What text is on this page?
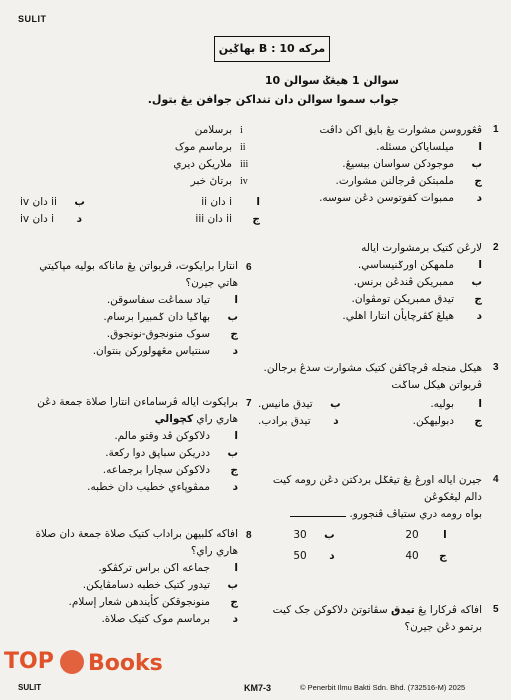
SULIT
بهاݢين B : 10 مركه
سوالن 1 هيڠݢ سوالن 10
جواب سموا سوالن دان تنداکن جوافن يڠ بتول.
1
ڤڠوروسن مشوارت يڠ بايق اکن داڤت
اميلساياکن مسئله.
بموجودکن سواسان بيسيڠ.
جملمبتکن ڤرجالنن مشوارت.
دممبوات کفوتوسن دڠن سوسه.
2
لارڠن کتيک برمشوارت اياله
املمهکن اورݢنيساسي.
بممبريکن ڤندڠن برنس.
جتيدق ممبريکن تومڤوان.
دهيلڠ کڤرچايأن انتارا اهلي.
3
هيکل منجله ڤرچاکڤن کتيک مشوارت سدڠ برجالن. ڤربواتن هيکل ساݢت
ابوليه.
بتيدق مانيس.
جدبوليهکن.
دتيدق برادب.
4
جيرن اياله اورڠ يڠ تيڠݢل بردکتن دڠن رومه کيت دالم ليڠکوڠن
بواه رومه دري ستياڤ ڤنجورو.
ا20
ب30
ج40
د50
5
افاکه ڤرکارا يڠ تيدق سڤاتوتڽ دلاکوکن جک کيت برتمو دڠن جيرن؟
iبرسلامن
iiبرماسم موک
iiiملاريکن ديري
ivبرتاڽ خبر
اi دان ii
بii دان iv
جii دان iii
دi دان iv
6
انتارا برايکوت، ڤربواتن يڠ ماناکه بوليه مڽاکيتي هاتي جيرن؟
اتياد سماڠت سفاسوقن.
ببهاݢيا دان ݢمبيرا برسام.
جسوک منونجوق-نونجوق.
دسنتياس مڠهولورکن بنتوان.
7
برايکوت اياله ڤرساماءن انتارا صلاة جمعة دڠن هاري راي کچوالي
ادلاکوکن ڤد وقتو مالم.
بددريکن سباڽق دوا رکعة.
جدلاکوکن سچارا برجماعه.
دممڤوڽاءي خطيب دان خطبه.
8
افاکه کلبيهن براداب کتيک صلاة جمعة دان صلاة هاري راي؟
اجماعه اکن براس ترکڤکو.
بتيدور کتيک خطبه دسامڤايکن.
جمنونجوقکن کأيندهن شعار إسلام.
دبرماسم موک کتيک صلاة.
TOP Books
SULIT	KM7-3	© Penerbit Ilmu Bakti Sdn. Bhd. (732516-M) 2025
